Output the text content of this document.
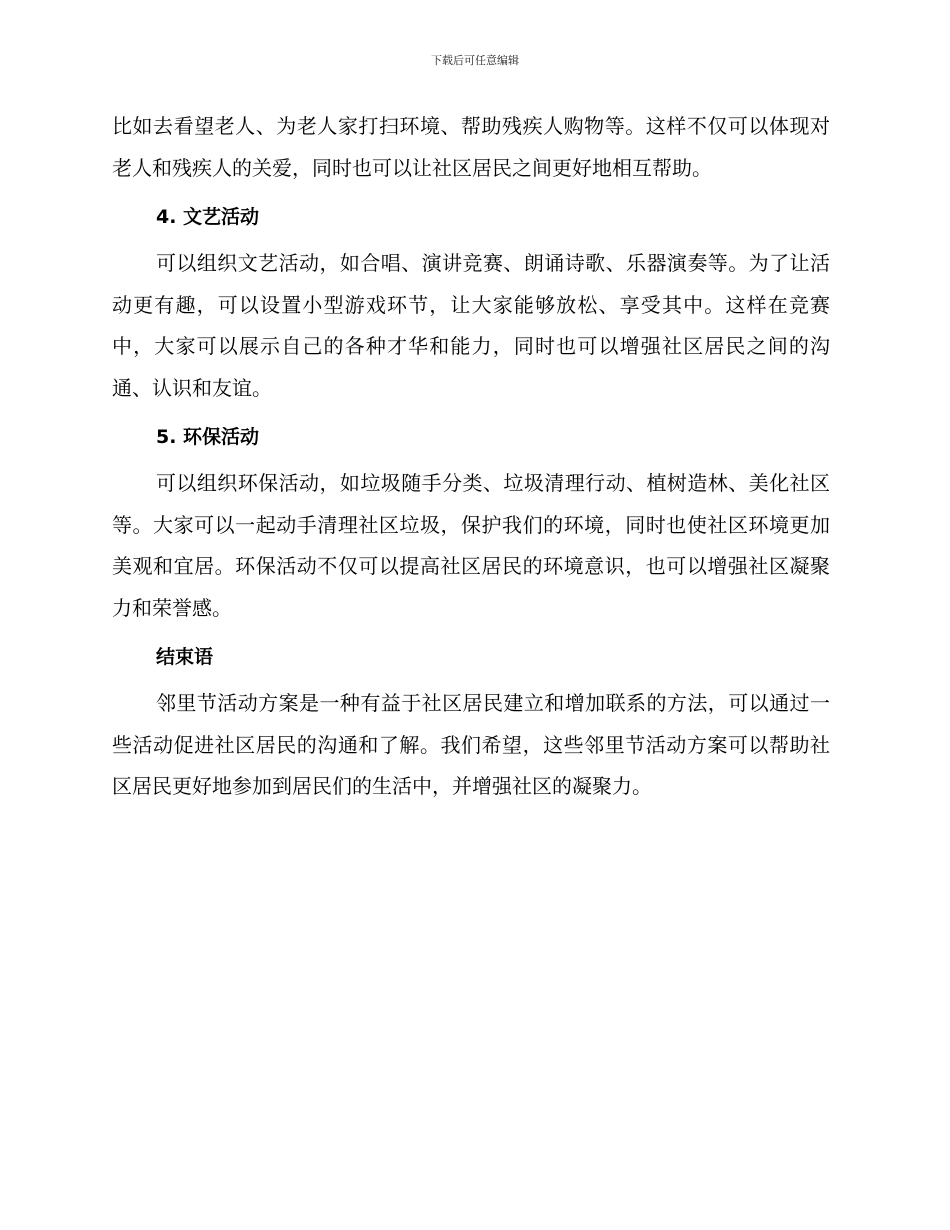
下载后可任意编辑

比如去看望老人、为老人家打扫环境、帮助残疾人购物等。这样不仅可以体现对老人和残疾人的关爱，同时也可以让社区居民之间更好地相互帮助。

4. 文艺活动

可以组织文艺活动，如合唱、演讲竞赛、朗诵诗歌、乐器演奏等。为了让活动更有趣，可以设置小型游戏环节，让大家能够放松、享受其中。这样在竞赛中，大家可以展示自己的各种才华和能力，同时也可以增强社区居民之间的沟通、认识和友谊。

5. 环保活动

可以组织环保活动，如垃圾随手分类、垃圾清理行动、植树造林、美化社区等。大家可以一起动手清理社区垃圾，保护我们的环境，同时也使社区环境更加美观和宜居。环保活动不仅可以提高社区居民的环境意识，也可以增强社区凝聚力和荣誉感。

结束语

邻里节活动方案是一种有益于社区居民建立和增加联系的方法，可以通过一些活动促进社区居民的沟通和了解。我们希望，这些邻里节活动方案可以帮助社区居民更好地参加到居民们的生活中，并增强社区的凝聚力。
